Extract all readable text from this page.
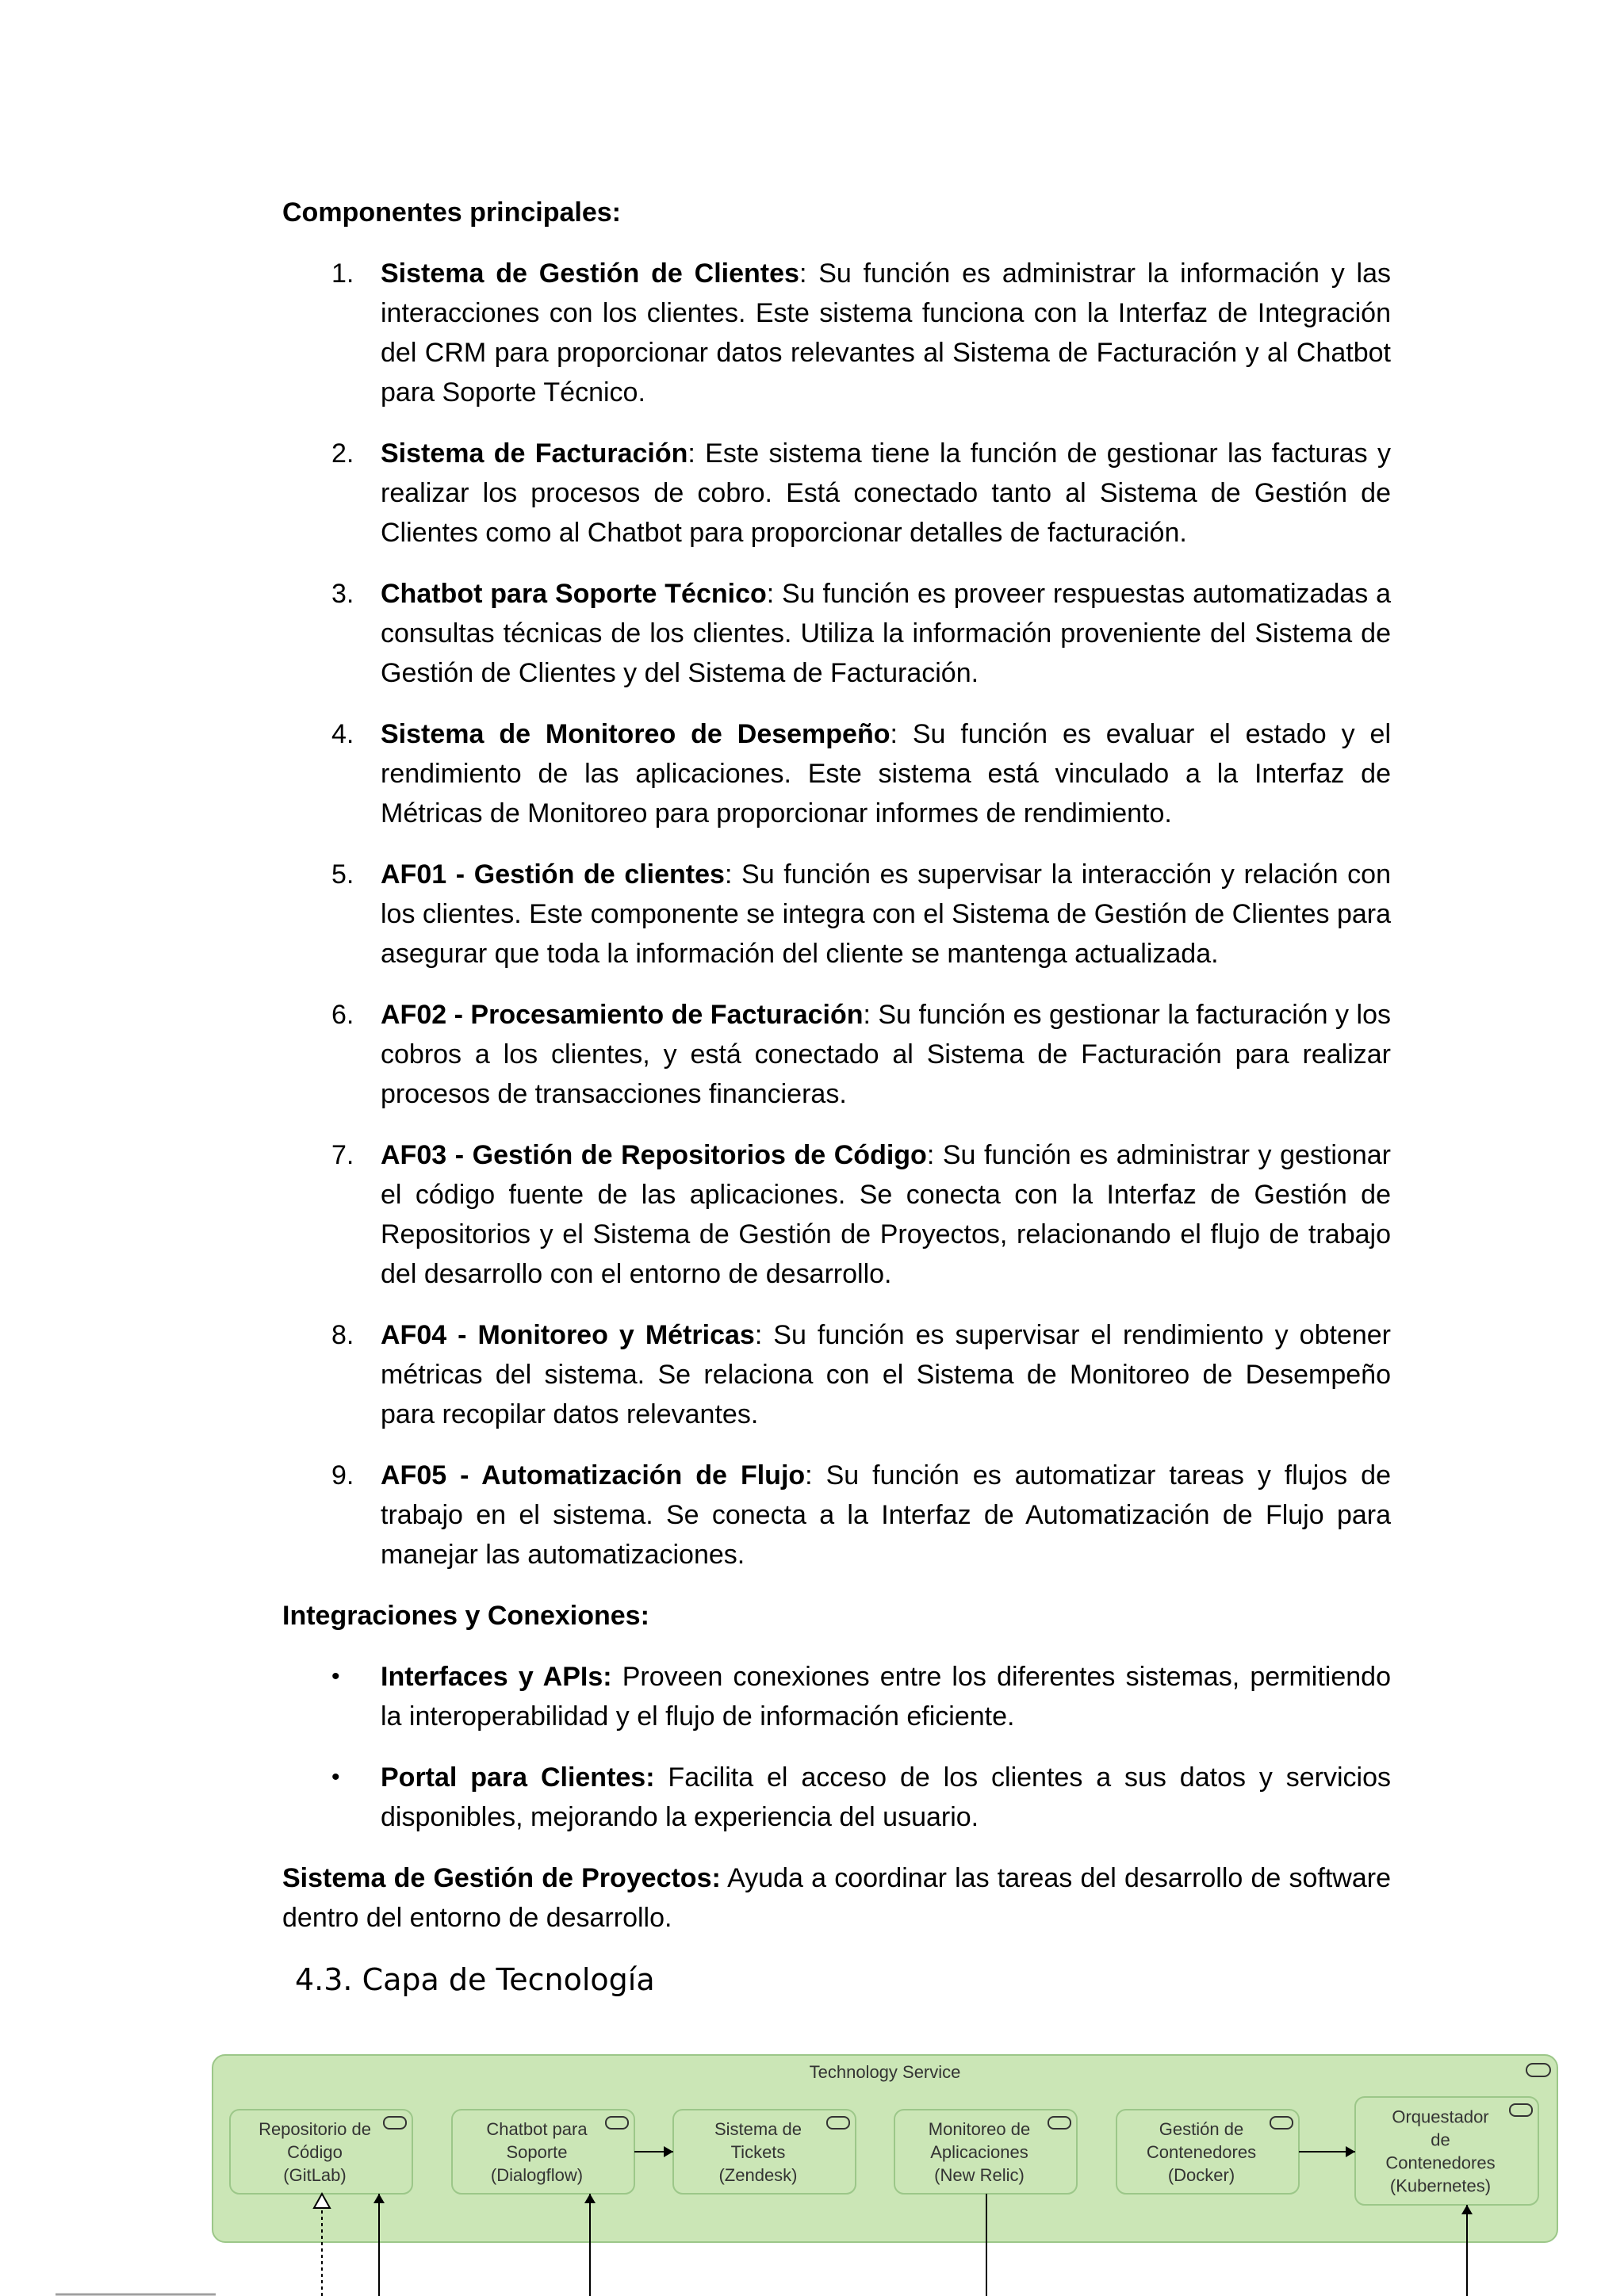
Componentes principales:

1. Sistema de Gestión de Clientes: Su función es administrar la información y las interacciones con los clientes. Este sistema funciona con la Interfaz de Integración del CRM para proporcionar datos relevantes al Sistema de Facturación y al Chatbot para Soporte Técnico.
2. Sistema de Facturación: Este sistema tiene la función de gestionar las facturas y realizar los procesos de cobro. Está conectado tanto al Sistema de Gestión de Clientes como al Chatbot para proporcionar detalles de facturación.
3. Chatbot para Soporte Técnico: Su función es proveer respuestas automatizadas a consultas técnicas de los clientes. Utiliza la información proveniente del Sistema de Gestión de Clientes y del Sistema de Facturación.
4. Sistema de Monitoreo de Desempeño: Su función es evaluar el estado y el rendimiento de las aplicaciones. Este sistema está vinculado a la Interfaz de Métricas de Monitoreo para proporcionar informes de rendimiento.
5. AF01 - Gestión de clientes: Su función es supervisar la interacción y relación con los clientes. Este componente se integra con el Sistema de Gestión de Clientes para asegurar que toda la información del cliente se mantenga actualizada.
6. AF02 - Procesamiento de Facturación: Su función es gestionar la facturación y los cobros a los clientes, y está conectado al Sistema de Facturación para realizar procesos de transacciones financieras.
7. AF03 - Gestión de Repositorios de Código: Su función es administrar y gestionar el código fuente de las aplicaciones. Se conecta con la Interfaz de Gestión de Repositorios y el Sistema de Gestión de Proyectos, relacionando el flujo de trabajo del desarrollo con el entorno de desarrollo.
8. AF04 - Monitoreo y Métricas: Su función es supervisar el rendimiento y obtener métricas del sistema. Se relaciona con el Sistema de Monitoreo de Desempeño para recopilar datos relevantes.
9. AF05 - Automatización de Flujo: Su función es automatizar tareas y flujos de trabajo en el sistema. Se conecta a la Interfaz de Automatización de Flujo para manejar las automatizaciones.

Integraciones y Conexiones:

• Interfaces y APIs: Proveen conexiones entre los diferentes sistemas, permitiendo la interoperabilidad y el flujo de información eficiente.
• Portal para Clientes: Facilita el acceso de los clientes a sus datos y servicios disponibles, mejorando la experiencia del usuario.

Sistema de Gestión de Proyectos: Ayuda a coordinar las tareas del desarrollo de software dentro del entorno de desarrollo.

4.3. Capa de Tecnología
Technology Service
Repositorio de
Código
(GitLab)
Chatbot para
Soporte
(Dialogflow)
Sistema de
Tickets
(Zendesk)
Monitoreo de
Aplicaciones
(New Relic)
Gestión de
Contenedores
(Docker)
Orquestador
de
Contenedores
(Kubernetes)
